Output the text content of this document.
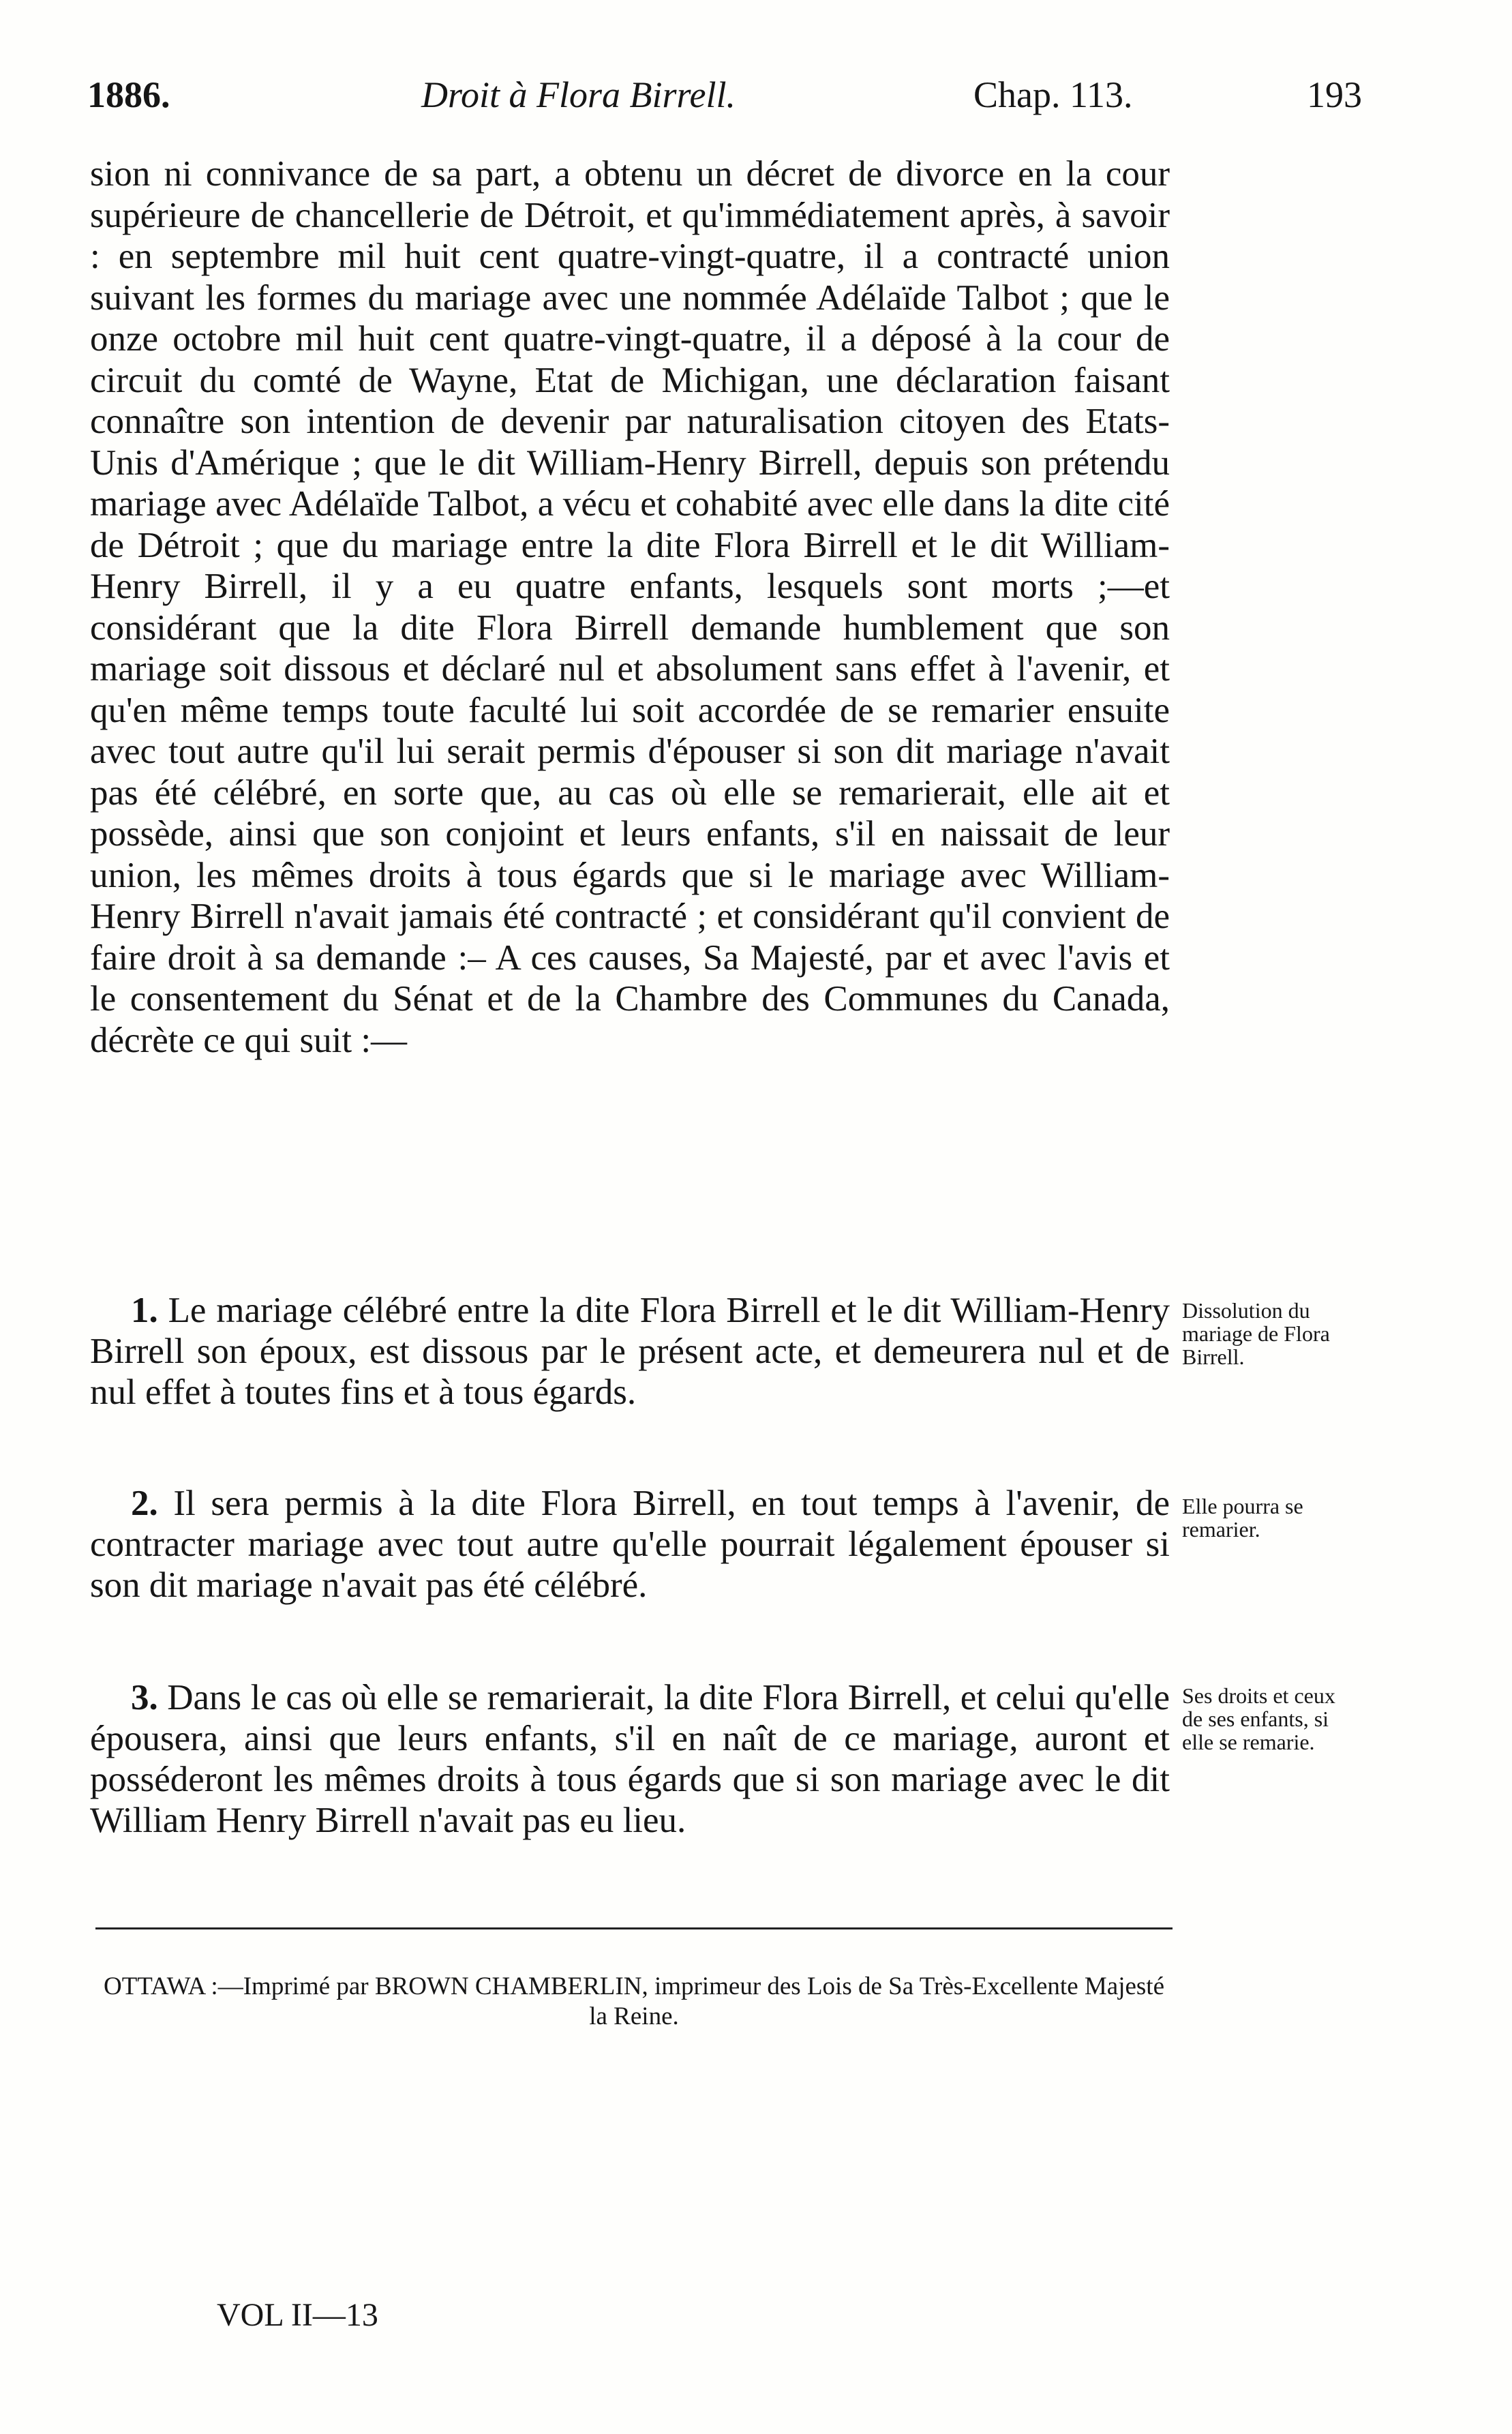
1886.	Droit à Flora Birrell.	Chap. 113.	193

sion ni connivance de sa part, a obtenu un décret de divorce en la cour supérieure de chancellerie de Détroit, et qu'immédiatement après, à savoir : en septembre mil huit cent quatre-vingt-quatre, il a contracté union suivant les formes du mariage avec une nommée Adélaïde Talbot ; que le onze octobre mil huit cent quatre-vingt-quatre, il a déposé à la cour de circuit du comté de Wayne, Etat de Michigan, une déclaration faisant connaître son intention de devenir par naturalisation citoyen des Etats-Unis d'Amérique ; que le dit William-Henry Birrell, depuis son prétendu mariage avec Adélaïde Talbot, a vécu et cohabité avec elle dans la dite cité de Détroit ; que du mariage entre la dite Flora Birrell et le dit William-Henry Birrell, il y a eu quatre enfants, lesquels sont morts ;—et considérant que la dite Flora Birrell demande humblement que son mariage soit dissous et déclaré nul et absolument sans effet à l'avenir, et qu'en même temps toute faculté lui soit accordée de se remarier ensuite avec tout autre qu'il lui serait permis d'épouser si son dit mariage n'avait pas été célébré, en sorte que, au cas où elle se remarierait, elle ait et possède, ainsi que son conjoint et leurs enfants, s'il en naissait de leur union, les mêmes droits à tous égards que si le mariage avec William-Henry Birrell n'avait jamais été contracté ; et considérant qu'il convient de faire droit à sa demande :– A ces causes, Sa Majesté, par et avec l'avis et le consentement du Sénat et de la Chambre des Communes du Canada, décrète ce qui suit :—

1. Le mariage célébré entre la dite Flora Birrell et le dit William-Henry Birrell son époux, est dissous par le présent acte, et demeurera nul et de nul effet à toutes fins et à tous égards.

Dissolution du mariage de Flora Birrell.

2. Il sera permis à la dite Flora Birrell, en tout temps à l'avenir, de contracter mariage avec tout autre qu'elle pourrait légalement épouser si son dit mariage n'avait pas été célébré.

Elle pourra se remarier.

3. Dans le cas où elle se remarierait, la dite Flora Birrell, et celui qu'elle épousera, ainsi que leurs enfants, s'il en naît de ce mariage, auront et posséderont les mêmes droits à tous égards que si son mariage avec le dit William Henry Birrell n'avait pas eu lieu.

Ses droits et ceux de ses enfants, si elle se remarie.

OTTAWA :—Imprimé par BROWN CHAMBERLIN, imprimeur des Lois de Sa Très-Excellente Majesté la Reine.

VOL II—13
